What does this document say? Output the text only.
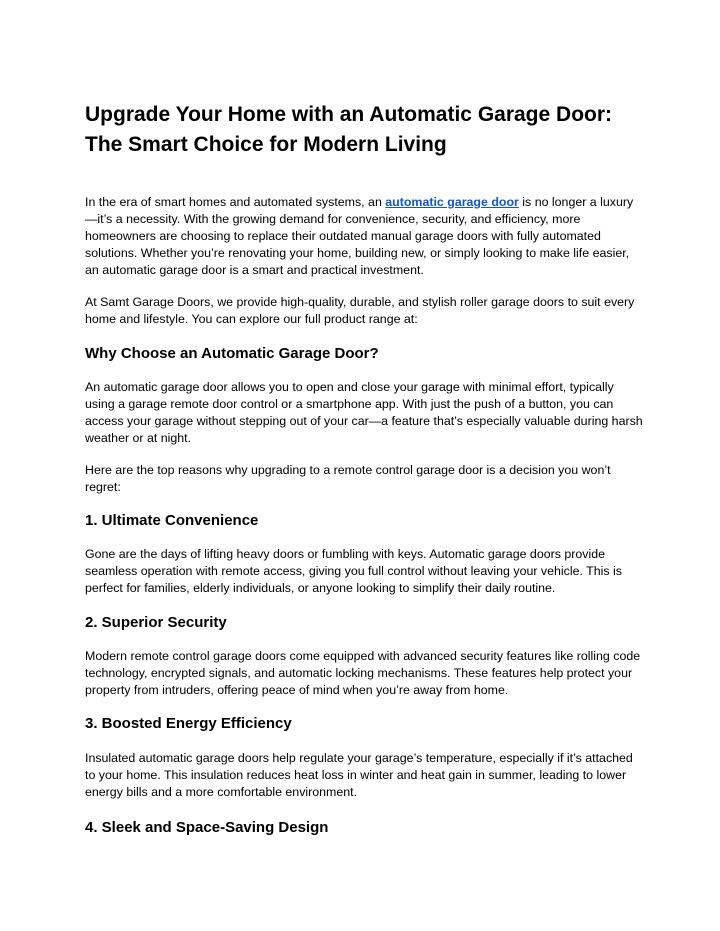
Upgrade Your Home with an Automatic Garage Door: The Smart Choice for Modern Living

In the era of smart homes and automated systems, an automatic garage door is no longer a luxury—it’s a necessity. With the growing demand for convenience, security, and efficiency, more homeowners are choosing to replace their outdated manual garage doors with fully automated solutions. Whether you’re renovating your home, building new, or simply looking to make life easier, an automatic garage door is a smart and practical investment.

At Samt Garage Doors, we provide high-quality, durable, and stylish roller garage doors to suit every home and lifestyle. You can explore our full product range at:

Why Choose an Automatic Garage Door?

An automatic garage door allows you to open and close your garage with minimal effort, typically using a garage remote door control or a smartphone app. With just the push of a button, you can access your garage without stepping out of your car—a feature that’s especially valuable during harsh weather or at night.

Here are the top reasons why upgrading to a remote control garage door is a decision you won’t regret:

1. Ultimate Convenience

Gone are the days of lifting heavy doors or fumbling with keys. Automatic garage doors provide seamless operation with remote access, giving you full control without leaving your vehicle. This is perfect for families, elderly individuals, or anyone looking to simplify their daily routine.

2. Superior Security

Modern remote control garage doors come equipped with advanced security features like rolling code technology, encrypted signals, and automatic locking mechanisms. These features help protect your property from intruders, offering peace of mind when you’re away from home.

3. Boosted Energy Efficiency

Insulated automatic garage doors help regulate your garage’s temperature, especially if it’s attached to your home. This insulation reduces heat loss in winter and heat gain in summer, leading to lower energy bills and a more comfortable environment.

4. Sleek and Space-Saving Design
